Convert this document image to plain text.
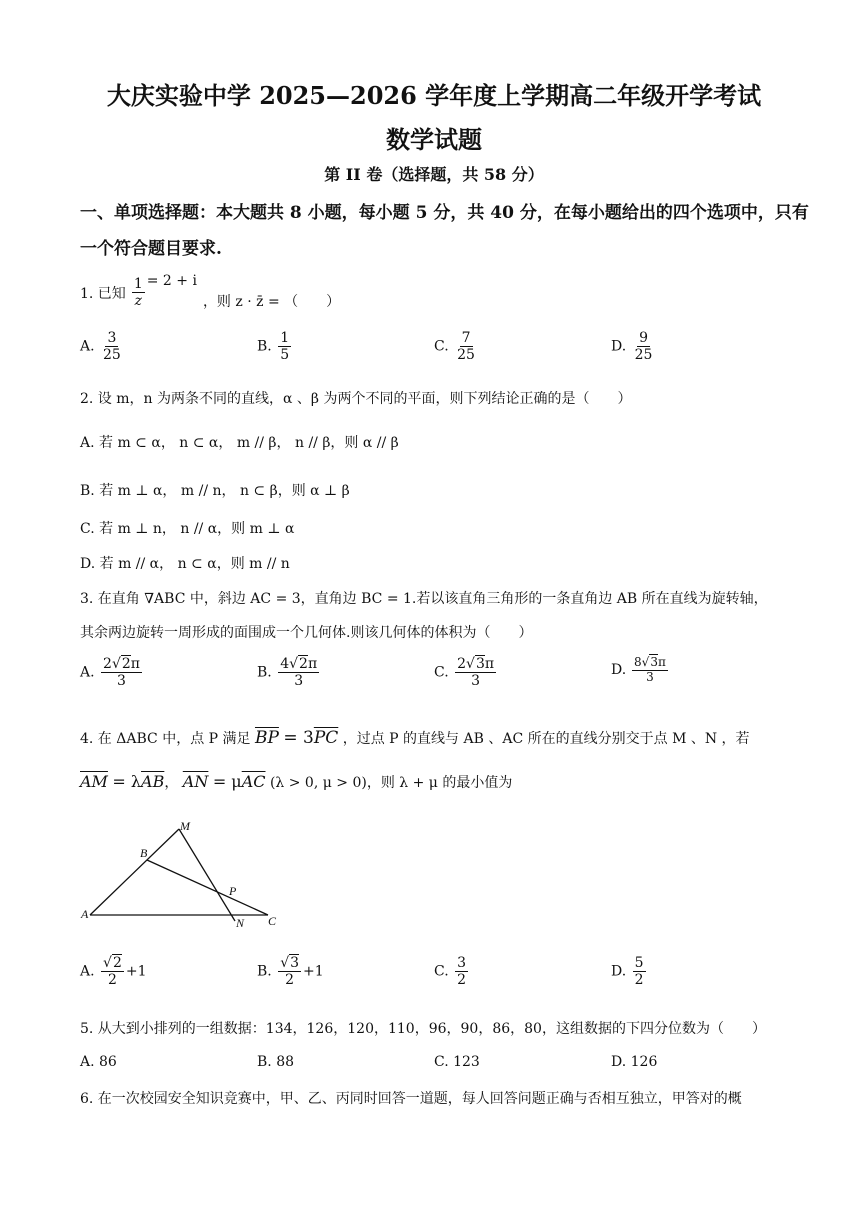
大庆实验中学 2025—2026 学年度上学期高二年级开学考试
数学试题
第 II 卷（选择题，共 58 分）
一、单项选择题：本大题共 8 小题，每小题 5 分，共 40 分，在每小题给出的四个选项中，只有
一个符合题目要求.
1. 已知 $\frac{1}{z} = 2 + i$
，则 z · z̄ = （　　）
A. $\frac{3}{25}$	B. $\frac{1}{5}$	C. $\frac{7}{25}$	D. $\frac{9}{25}$
2. 设 m，n 为两条不同的直线，α 、β 为两个不同的平面，则下列结论正确的是（　　）
A. 若 m ⊂ α， n ⊂ α， m // β， n // β，则 α // β
B. 若 m ⊥ α， m // n， n ⊂ β，则 α ⊥ β
C. 若 m ⊥ n， n // α，则 m ⊥ α
D. 若 m // α， n ⊂ α，则 m // n
3. 在直角 ∇ABC 中，斜边 AC = 3，直角边 BC = 1.若以该直角三角形的一条直角边 AB 所在直线为旋转轴，
其余两边旋转一周形成的面围成一个几何体.则该几何体的体积为（　　）
A. $\frac{2√2\pi}{3}$	B. $\frac{4√2\pi}{3}$	C. $\frac{2√3\pi}{3}$	D. $\frac{8√3\pi}{3}$
4. 在 ΔABC 中，点 P 满足 $\overline{BP} = 3\overline{PC}$ ，过点 P 的直线与 AB 、AC 所在的直线分别交于点 M 、N ，若
$\overline{AM} = \lambda\overline{AB}$， $\overline{AN} = \mu\overline{AC}$ (λ > 0, μ > 0)，则 λ + μ 的最小值为
A
B
C
M
N
P
A. $\frac{√2}{2} +1$	B. $\frac{√3}{2} +1$	C. $\frac{3}{2}$	D. $\frac{5}{2}$
5. 从大到小排列的一组数据：134，126，120，110，96，90，86，80，这组数据的下四分位数为（　　）
A. 86	B. 88	C. 123	D. 126
6. 在一次校园安全知识竞赛中，甲、乙、丙同时回答一道题，每人回答问题正确与否相互独立，甲答对的概
